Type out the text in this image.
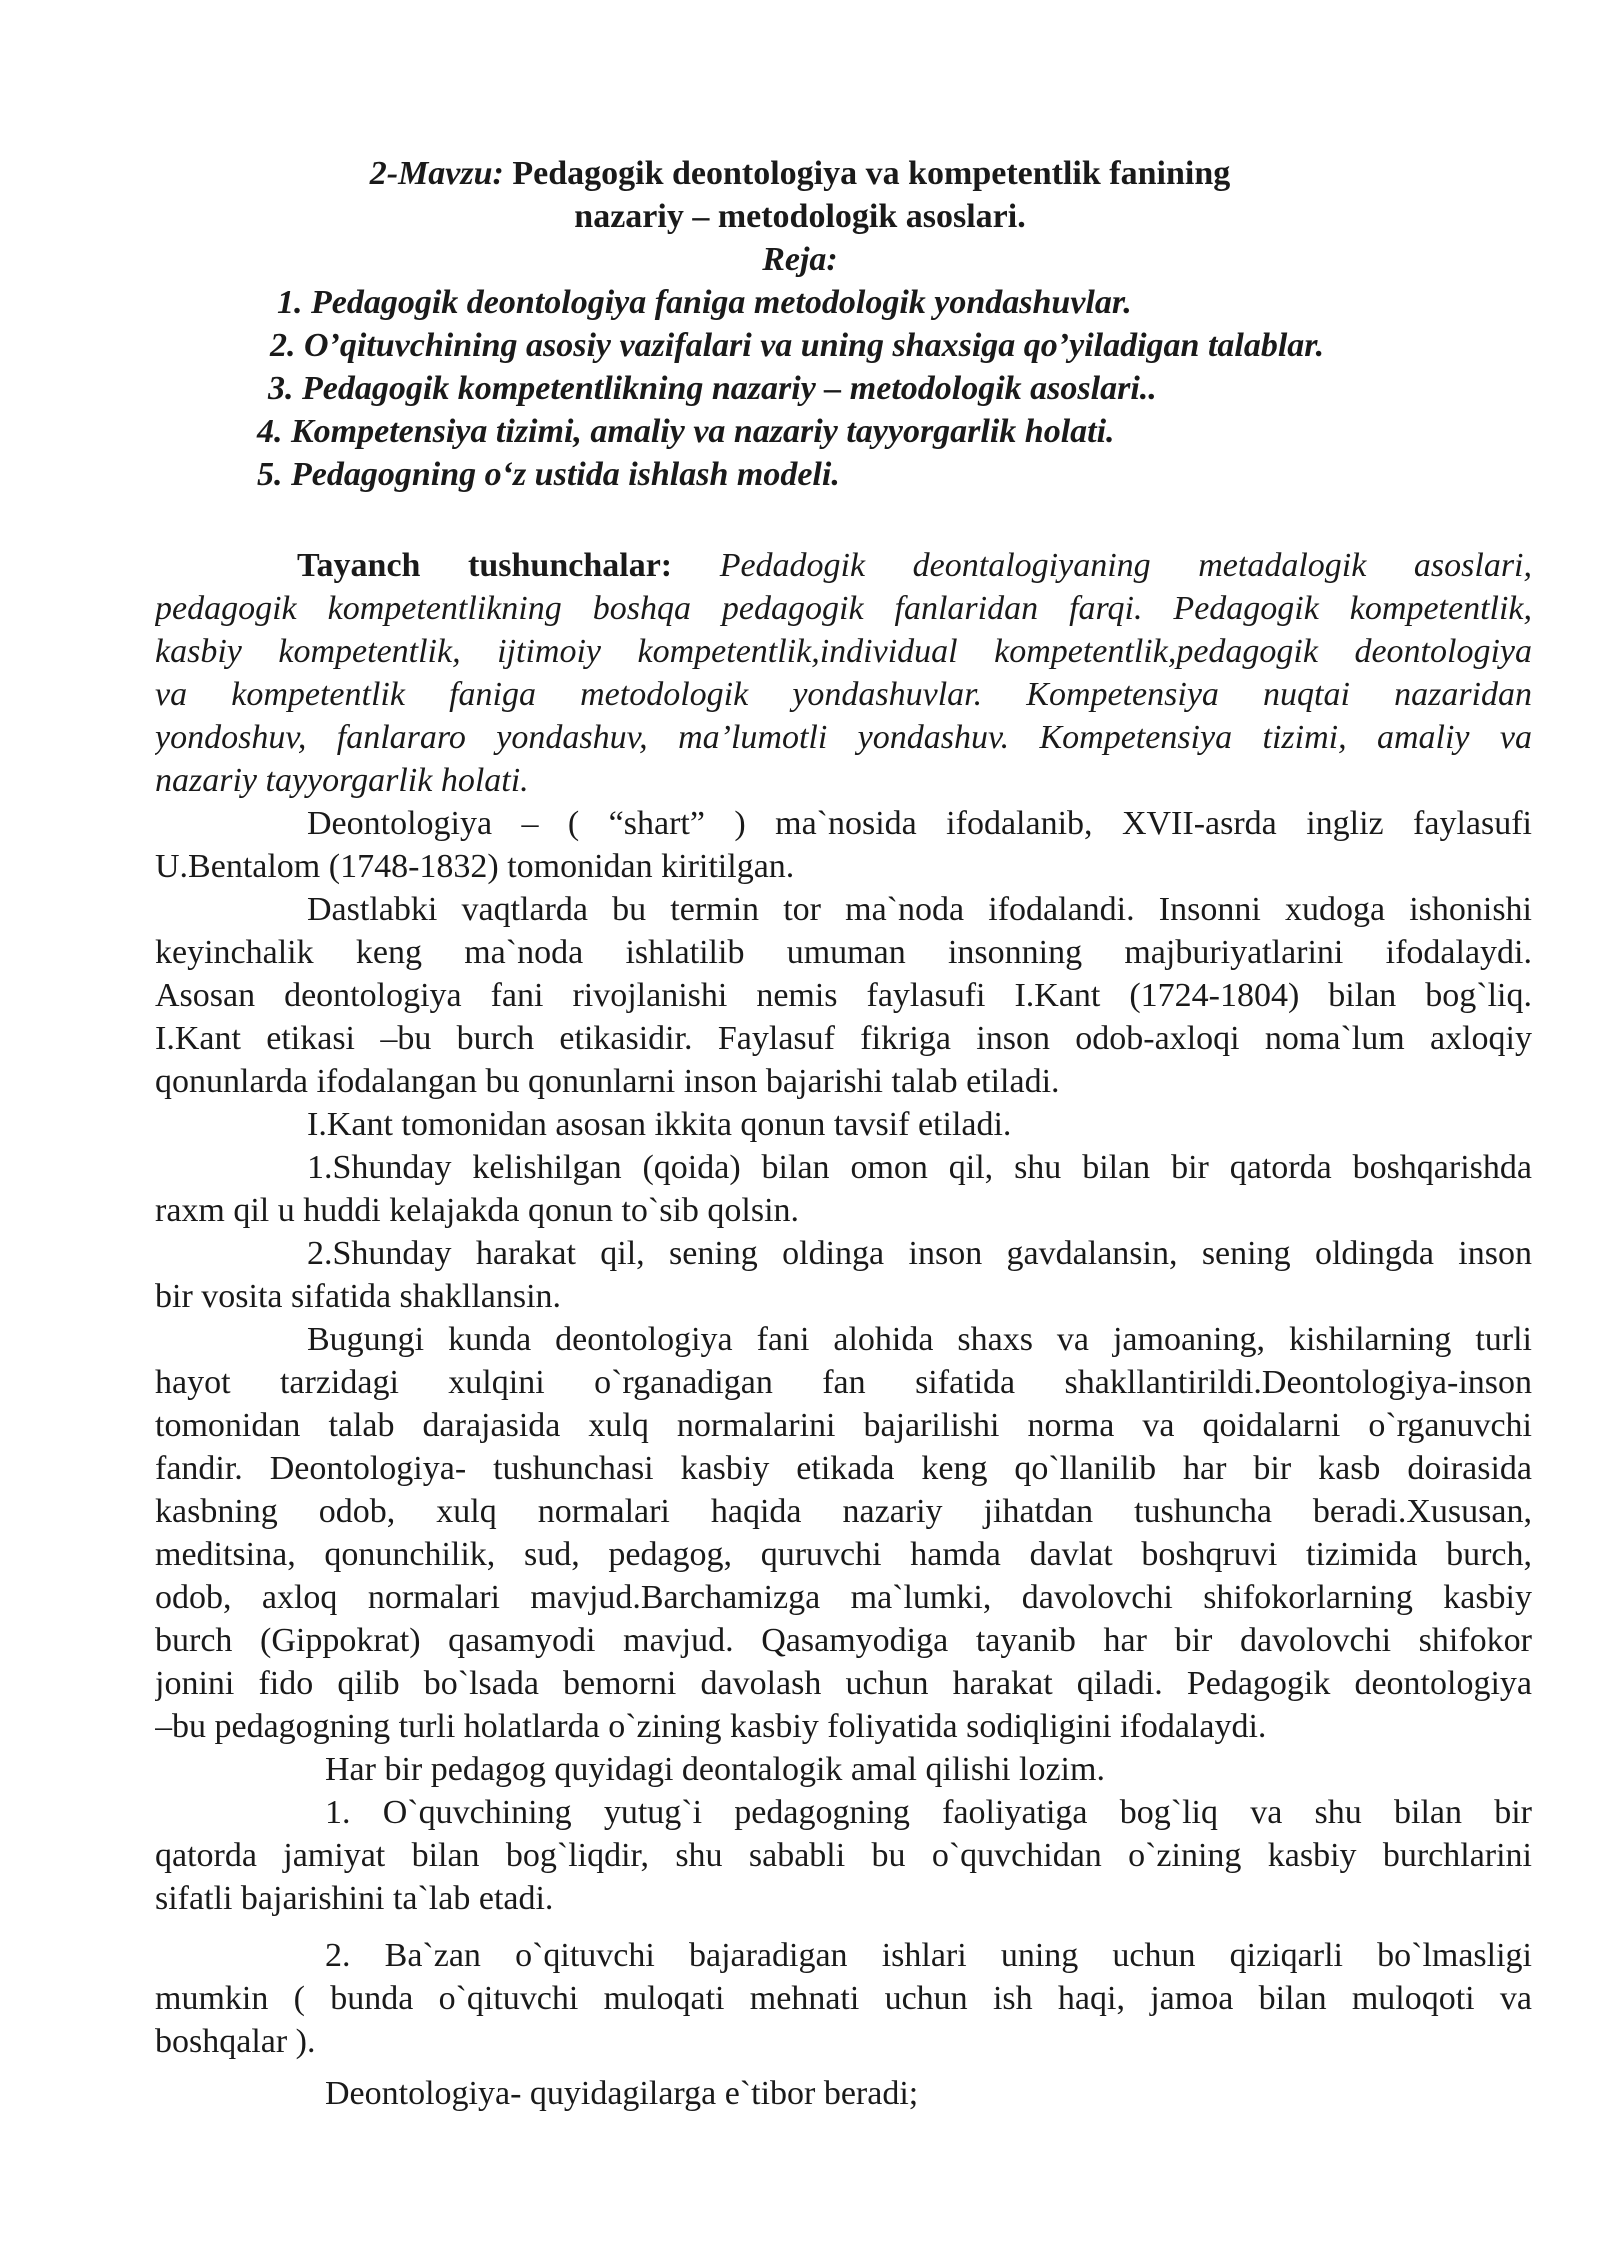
2-Mavzu: Pedagogik deontologiya va kompetentlik fanining
nazariy – metodologik asoslari.
Reja:
1. Pedagogik deontologiya faniga metodologik yondashuvlar.
2. O’qituvchining asosiy vazifalari va uning shaxsiga qo’yiladigan talablar.
3. Pedagogik kompetentlikning nazariy – metodologik asoslari..
4. Kompetensiya tizimi, amaliy va nazariy tayyorgarlik holati.
5. Pedagogning o‘z ustida ishlash modeli.
Tayanch tushunchalar: Pedadogik deontalogiyaning metadalogik asoslari,
pedagogik kompetentlikning boshqa pedagogik fanlaridan farqi. Pedagogik kompetentlik,
kasbiy kompetentlik, ijtimoiy kompetentlik,individual kompetentlik,pedagogik deontologiya
va kompetentlik faniga metodologik yondashuvlar. Kompetensiya nuqtai nazaridan
yondoshuv, fanlararo yondashuv, ma’lumotli yondashuv. Kompetensiya tizimi, amaliy va
nazariy tayyorgarlik holati.
Deontologiya – ( “shart” ) ma`nosida ifodalanib, XVII-asrda ingliz faylasufi
U.Bentalom (1748-1832) tomonidan kiritilgan.
Dastlabki vaqtlarda bu termin tor ma`noda ifodalandi. Insonni xudoga ishonishi
keyinchalik keng ma`noda ishlatilib umuman insonning majburiyatlarini ifodalaydi.
Asosan deontologiya fani rivojlanishi nemis faylasufi I.Kant (1724-1804) bilan bog`liq.
I.Kant etikasi –bu burch etikasidir. Faylasuf fikriga inson odob-axloqi noma`lum axloqiy
qonunlarda ifodalangan bu qonunlarni inson bajarishi talab etiladi.
I.Kant tomonidan asosan ikkita qonun tavsif etiladi.
1.Shunday kelishilgan (qoida) bilan omon qil, shu bilan bir qatorda boshqarishda
raxm qil u huddi kelajakda qonun to`sib qolsin.
2.Shunday harakat qil, sening oldinga inson gavdalansin, sening oldingda inson
bir vosita sifatida shakllansin.
Bugungi kunda deontologiya fani alohida shaxs va jamoaning, kishilarning turli
hayot tarzidagi xulqini o`rganadigan fan sifatida shakllantirildi.Deontologiya-inson
tomonidan talab darajasida xulq normalarini bajarilishi norma va qoidalarni o`rganuvchi
fandir. Deontologiya- tushunchasi kasbiy etikada keng qo`llanilib har bir kasb doirasida
kasbning odob, xulq normalari haqida nazariy jihatdan tushuncha beradi.Xususan,
meditsina, qonunchilik, sud, pedagog, quruvchi hamda davlat boshqruvi tizimida burch,
odob, axloq normalari mavjud.Barchamizga ma`lumki, davolovchi shifokorlarning kasbiy
burch (Gippokrat) qasamyodi mavjud. Qasamyodiga tayanib har bir davolovchi shifokor
jonini fido qilib bo`lsada bemorni davolash uchun harakat qiladi. Pedagogik deontologiya
–bu pedagogning turli holatlarda o`zining kasbiy foliyatida sodiqligini ifodalaydi.
Har bir pedagog quyidagi deontalogik amal qilishi lozim.
1. O`quvchining yutug`i pedagogning faoliyatiga bog`liq va shu bilan bir
qatorda jamiyat bilan bog`liqdir, shu sababli bu o`quvchidan o`zining kasbiy burchlarini
sifatli bajarishini ta`lab etadi.
2. Ba`zan o`qituvchi bajaradigan ishlari uning uchun qiziqarli bo`lmasligi
mumkin ( bunda o`qituvchi muloqati mehnati uchun ish haqi, jamoa bilan muloqoti va
boshqalar ).
Deontologiya- quyidagilarga e`tibor beradi;
